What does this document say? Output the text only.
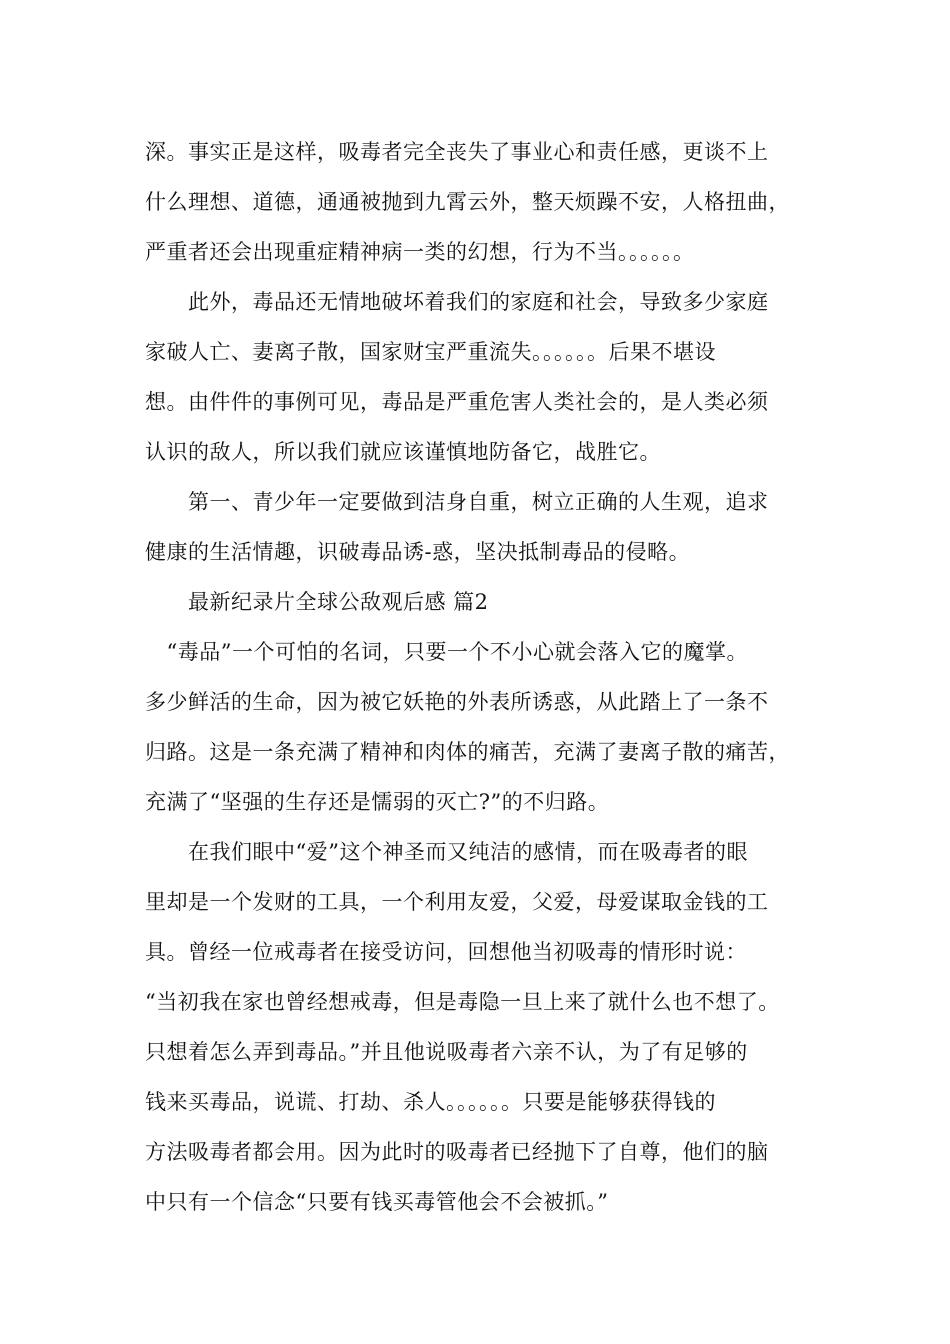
深。事实正是这样，吸毒者完全丧失了事业心和责任感，更谈不上
什么理想、道德，通通被抛到九霄云外，整天烦躁不安，人格扭曲，
严重者还会出现重症精神病一类的幻想，行为不当。。。。。。
　　此外，毒品还无情地破坏着我们的家庭和社会，导致多少家庭
家破人亡、妻离子散，国家财宝严重流失。。。。。。后果不堪设
想。由件件的事例可见，毒品是严重危害人类社会的，是人类必须
认识的敌人，所以我们就应该谨慎地防备它，战胜它。
　　第一、青少年一定要做到洁身自重，树立正确的人生观，追求
健康的生活情趣，识破毒品诱-惑，坚决抵制毒品的侵略。
　　最新纪录片全球公敌观后感 篇2
　“毒品”一个可怕的名词，只要一个不小心就会落入它的魔掌。
多少鲜活的生命，因为被它妖艳的外表所诱惑，从此踏上了一条不
归路。这是一条充满了精神和肉体的痛苦，充满了妻离子散的痛苦，
充满了“坚强的生存还是懦弱的灭亡?”的不归路。
　　在我们眼中“爱”这个神圣而又纯洁的感情，而在吸毒者的眼
里却是一个发财的工具，一个利用友爱，父爱，母爱谋取金钱的工
具。曾经一位戒毒者在接受访问，回想他当初吸毒的情形时说：
“当初我在家也曾经想戒毒，但是毒隐一旦上来了就什么也不想了。
只想着怎么弄到毒品。”并且他说吸毒者六亲不认，为了有足够的
钱来买毒品，说谎、打劫、杀人。。。。。。只要是能够获得钱的
方法吸毒者都会用。因为此时的吸毒者已经抛下了自尊，他们的脑
中只有一个信念“只要有钱买毒管他会不会被抓。”
